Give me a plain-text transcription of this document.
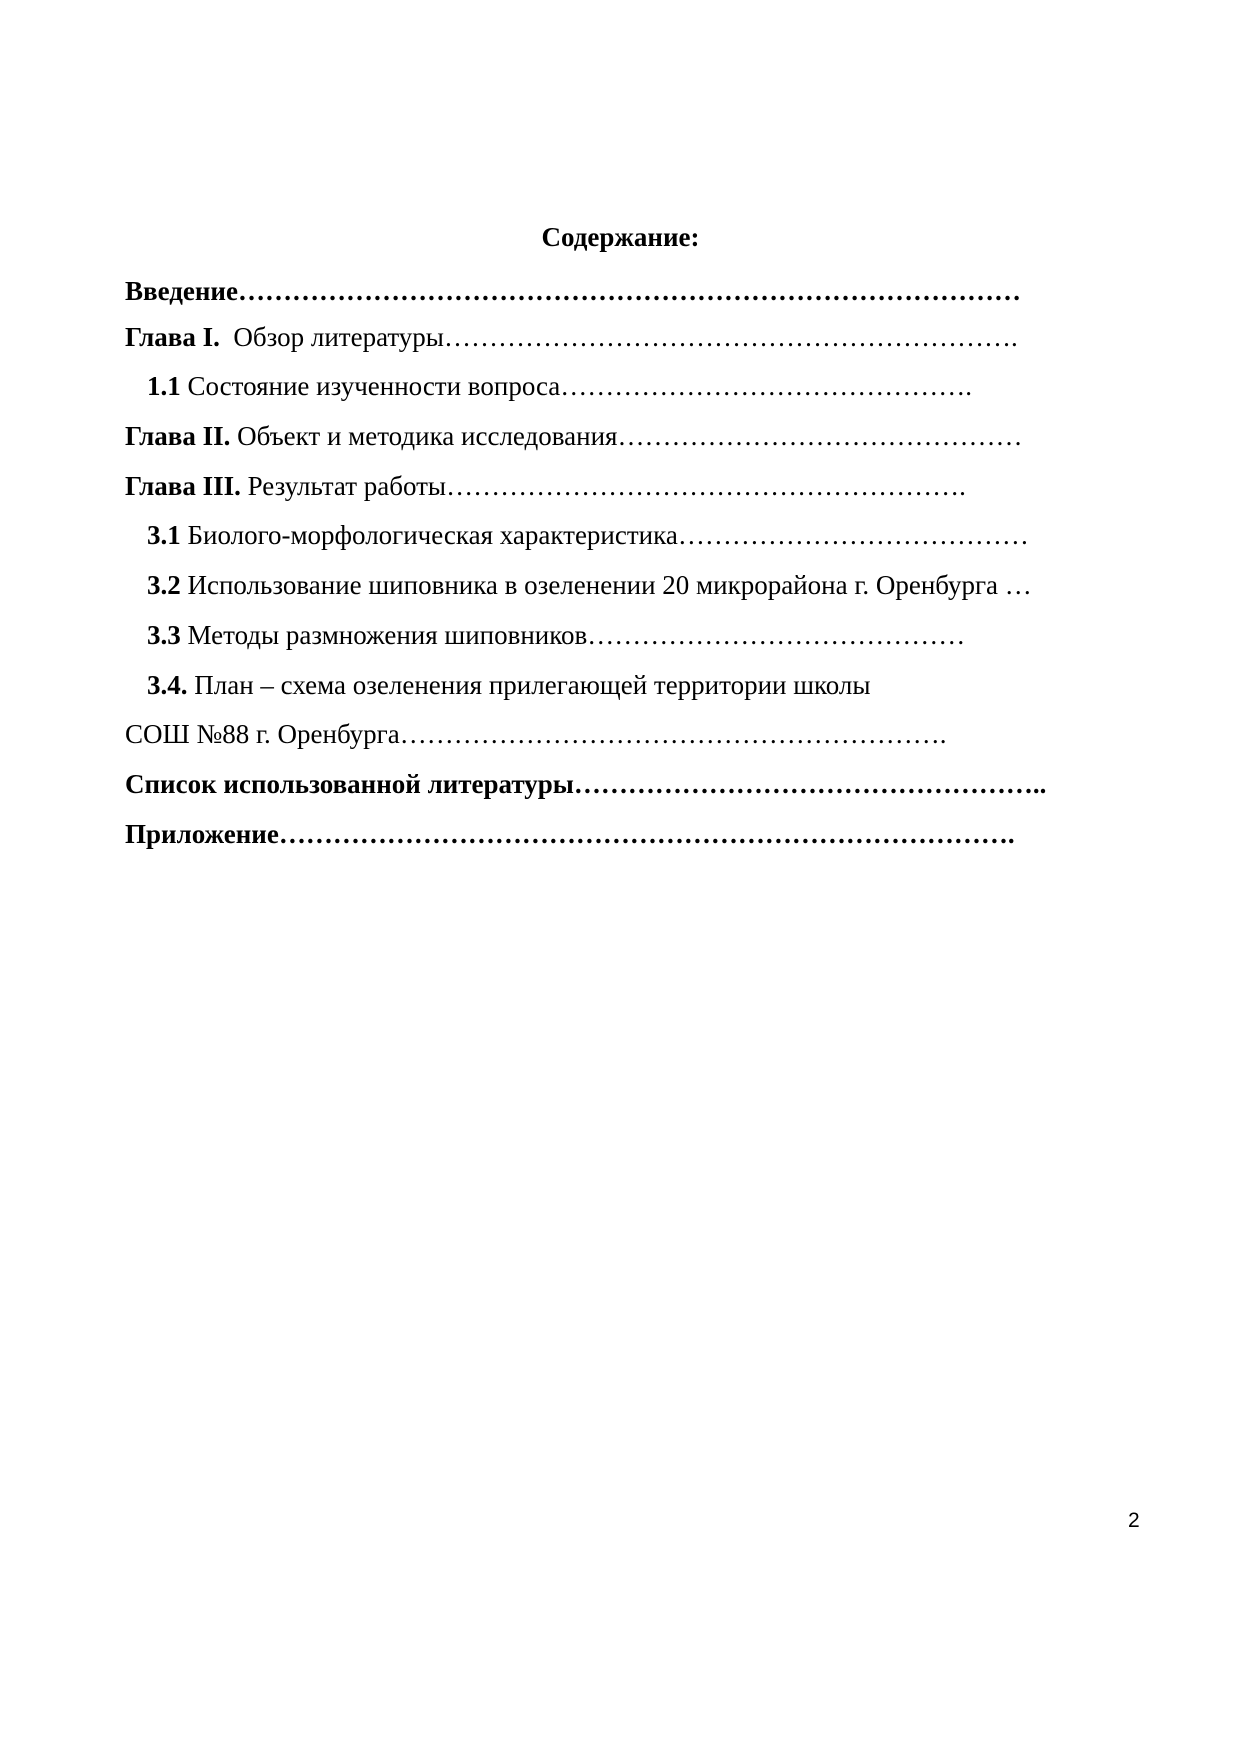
Содержание:
Введение……………………………………………………………………………
Глава I.  Обзор литературы……………………………………………………….
1.1 Состояние изученности вопроса……………………………………….
Глава II. Объект и методика исследования………………………………………
Глава III. Результат работы………………………………………………….
3.1 Биолого-морфологическая характеристика…………………………………
3.2 Использование шиповника в озеленении 20 микрорайона г. Оренбурга …
3.3 Методы размножения шиповников……………………………………
3.4. План – схема озеленения прилегающей территории школы
СОШ №88 г. Оренбурга…………………………………………………….
Список использованной литературы……………………………………………..
Приложение……………………………………………………………………….
2
